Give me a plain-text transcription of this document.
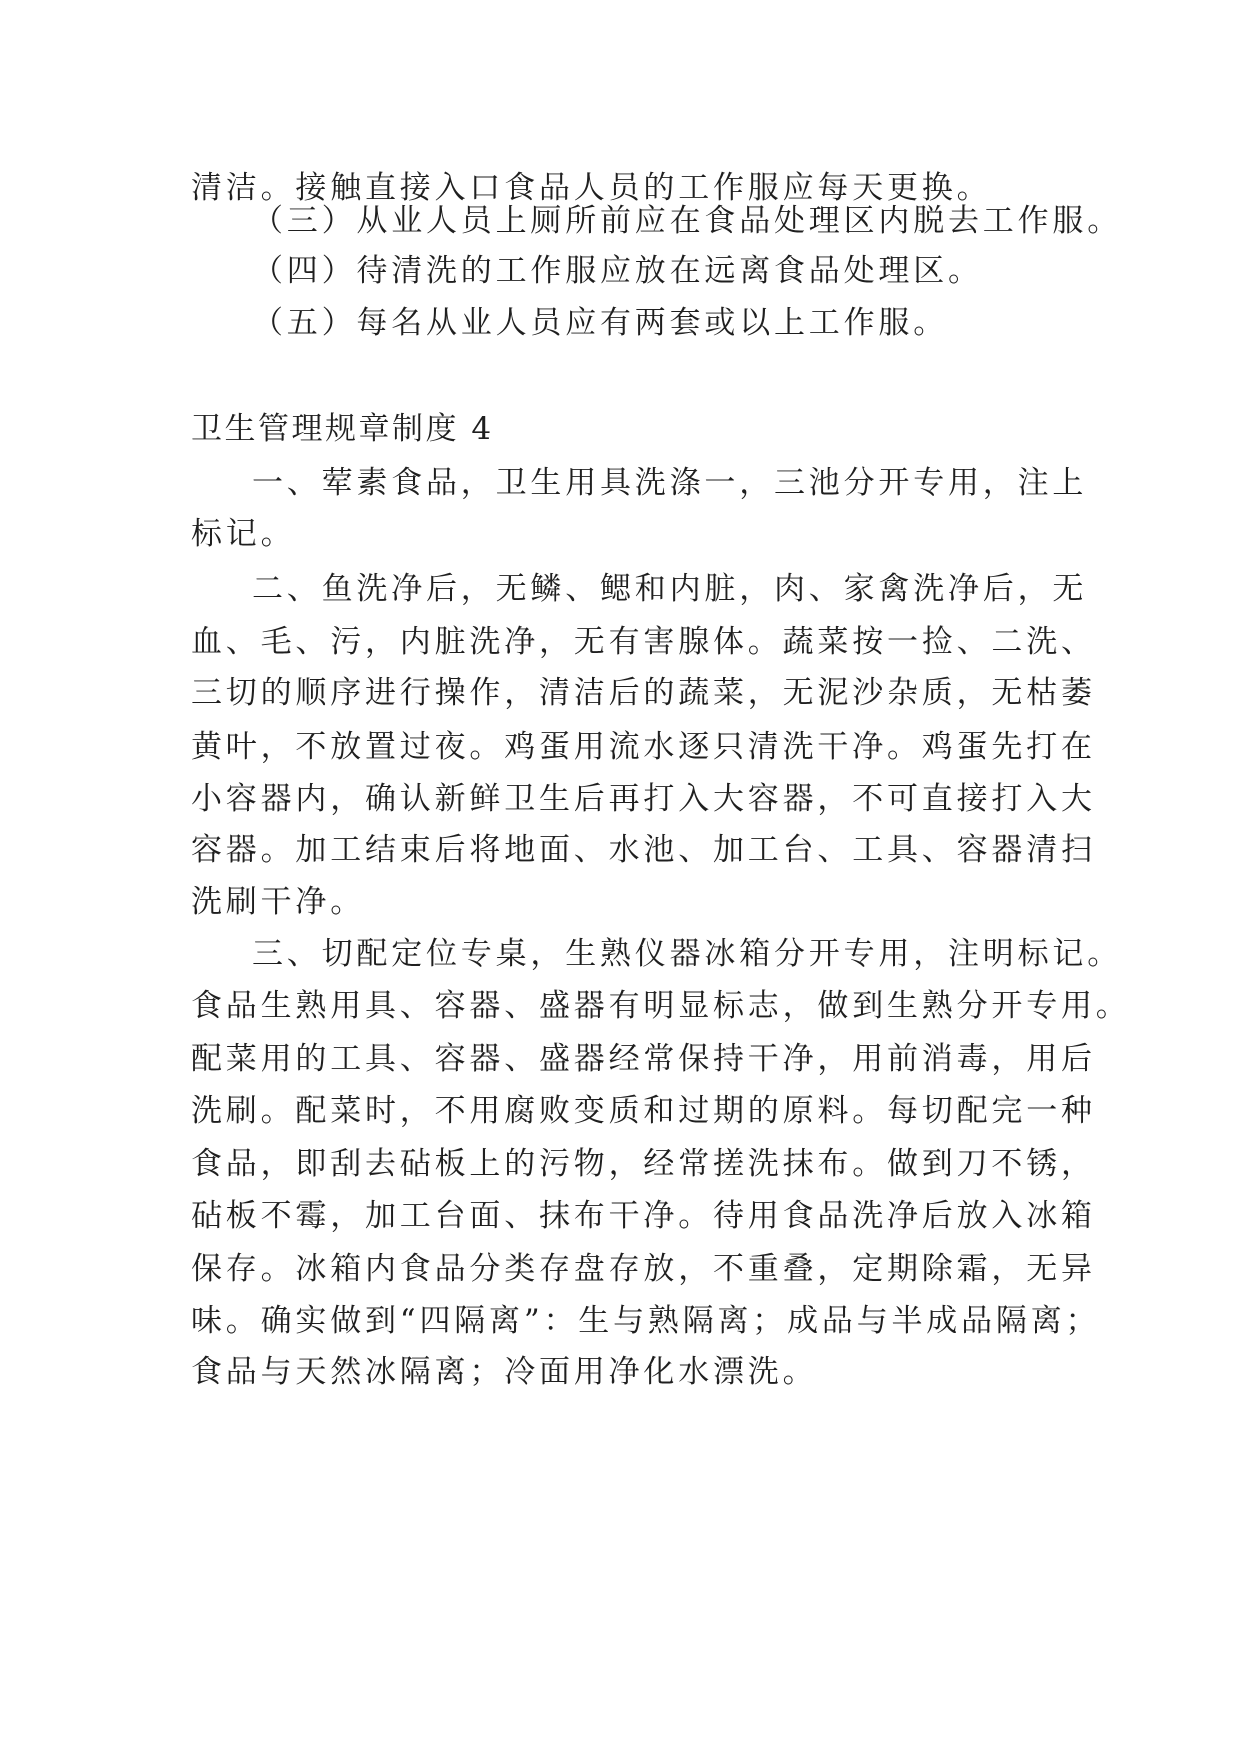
清洁。接触直接入口食品人员的工作服应每天更换。
（三）从业人员上厕所前应在食品处理区内脱去工作服。
（四）待清洗的工作服应放在远离食品处理区。
（五）每名从业人员应有两套或以上工作服。
卫生管理规章制度 4
一、荤素食品，卫生用具洗涤一，三池分开专用，注上
标记。
二、鱼洗净后，无鳞、鳃和内脏，肉、家禽洗净后，无
血、毛、污，内脏洗净，无有害腺体。蔬菜按一捡、二洗、
三切的顺序进行操作，清洁后的蔬菜，无泥沙杂质，无枯萎
黄叶，不放置过夜。鸡蛋用流水逐只清洗干净。鸡蛋先打在
小容器内，确认新鲜卫生后再打入大容器，不可直接打入大
容器。加工结束后将地面、水池、加工台、工具、容器清扫
洗刷干净。
三、切配定位专桌，生熟仪器冰箱分开专用，注明标记。
食品生熟用具、容器、盛器有明显标志，做到生熟分开专用。
配菜用的工具、容器、盛器经常保持干净，用前消毒，用后
洗刷。配菜时，不用腐败变质和过期的原料。每切配完一种
食品，即刮去砧板上的污物，经常搓洗抹布。做到刀不锈，
砧板不霉，加工台面、抹布干净。待用食品洗净后放入冰箱
保存。冰箱内食品分类存盘存放，不重叠，定期除霜，无异
味。确实做到“四隔离”：生与熟隔离；成品与半成品隔离；
食品与天然冰隔离；冷面用净化水漂洗。
